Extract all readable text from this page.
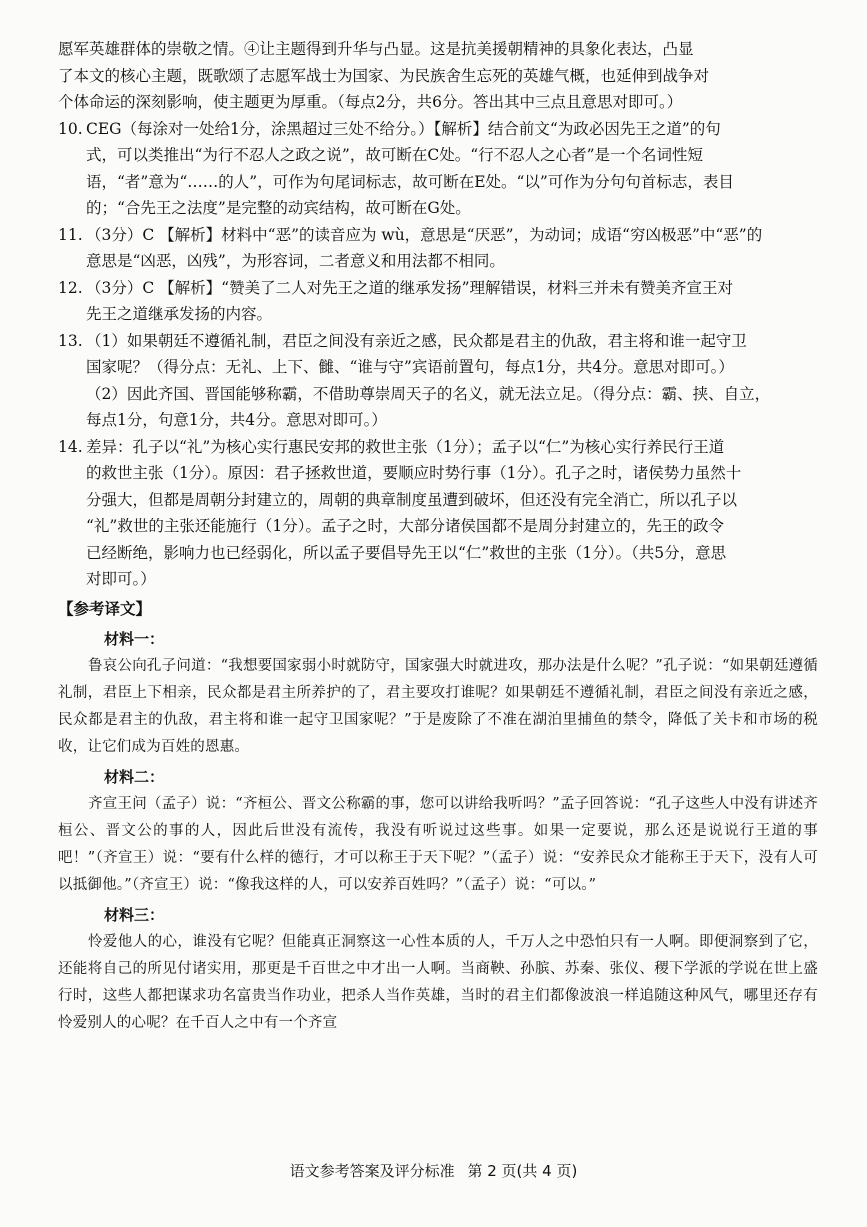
愿军英雄群体的崇敬之情。④让主题得到升华与凸显。这是抗美援朝精神的具象化表达，凸显

了本文的核心主题，既歌颂了志愿军战士为国家、为民族舍生忘死的英雄气概，也延伸到战争对

个体命运的深刻影响，使主题更为厚重。（每点2分，共6分。答出其中三点且意思对即可。）

10. CEG（每涂对一处给1分，涂黑超过三处不给分。）【解析】结合前文“为政必因先王之道”的句
式，可以类推出“为行不忍人之政之说”，故可断在C处。“行不忍人之心者”是一个名词性短
语，“者”意为“……的人”，可作为句尾词标志，故可断在E处。“以”可作为分句句首标志，表目
的；“合先王之法度”是完整的动宾结构，故可断在G处。
11. （3分）C 【解析】材料中“恶”的读音应为 wù，意思是“厌恶”，为动词；成语“穷凶极恶”中“恶”的
意思是“凶恶，凶残”，为形容词，二者意义和用法都不相同。
12. （3分）C 【解析】“赞美了二人对先王之道的继承发扬”理解错误，材料三并未有赞美齐宣王对
先王之道继承发扬的内容。
13. （1）如果朝廷不遵循礼制，君臣之间没有亲近之感，民众都是君主的仇敌，君主将和谁一起守卫
国家呢？（得分点：无礼、上下、雠、“谁与守”宾语前置句，每点1分，共4分。意思对即可。）
（2）因此齐国、晋国能够称霸，不借助尊崇周天子的名义，就无法立足。（得分点：霸、挟、自立，
每点1分，句意1分，共4分。意思对即可。）
14. 差异：孔子以“礼”为核心实行惠民安邦的救世主张（1分）；孟子以“仁”为核心实行养民行王道
的救世主张（1分）。原因：君子拯救世道，要顺应时势行事（1分）。孔子之时，诸侯势力虽然十
分强大，但都是周朝分封建立的，周朝的典章制度虽遭到破坏，但还没有完全消亡，所以孔子以
“礼”救世的主张还能施行（1分）。孟子之时，大部分诸侯国都不是周分封建立的，先王的政令
已经断绝，影响力也已经弱化，所以孟子要倡导先王以“仁”救世的主张（1分）。（共5分，意思
对即可。）

【参考译文】

材料一：

鲁哀公向孔子问道：“我想要国家弱小时就防守，国家强大时就进攻，那办法是什么呢？”孔子说：“如果朝廷遵循礼制，君臣上下相亲，民众都是君主所养护的了，君主要攻打谁呢？如果朝廷不遵循礼制，君臣之间没有亲近之感，民众都是君主的仇敌，君主将和谁一起守卫国家呢？”于是废除了不准在湖泊里捕鱼的禁令，降低了关卡和市场的税收，让它们成为百姓的恩惠。

材料二：

齐宣王问（孟子）说：“齐桓公、晋文公称霸的事，您可以讲给我听吗？”孟子回答说：“孔子这些人中没有讲述齐桓公、晋文公的事的人，因此后世没有流传，我没有听说过这些事。如果一定要说，那么还是说说行王道的事吧！”（齐宣王）说：“要有什么样的德行，才可以称王于天下呢？”（孟子）说：“安养民众才能称王于天下，没有人可以抵御他。”（齐宣王）说：“像我这样的人，可以安养百姓吗？”（孟子）说：“可以。”

材料三：

怜爱他人的心，谁没有它呢？但能真正洞察这一心性本质的人，千万人之中恐怕只有一人啊。即便洞察到了它，还能将自己的所见付诸实用，那更是千百世之中才出一人啊。当商鞅、孙膑、苏秦、张仪、稷下学派的学说在世上盛行时，这些人都把谋求功名富贵当作功业，把杀人当作英雄，当时的君主们都像波浪一样追随这种风气，哪里还存有怜爱别人的心呢？在千百人之中有一个齐宣

语文参考答案及评分标准 第 2 页(共 4 页)
